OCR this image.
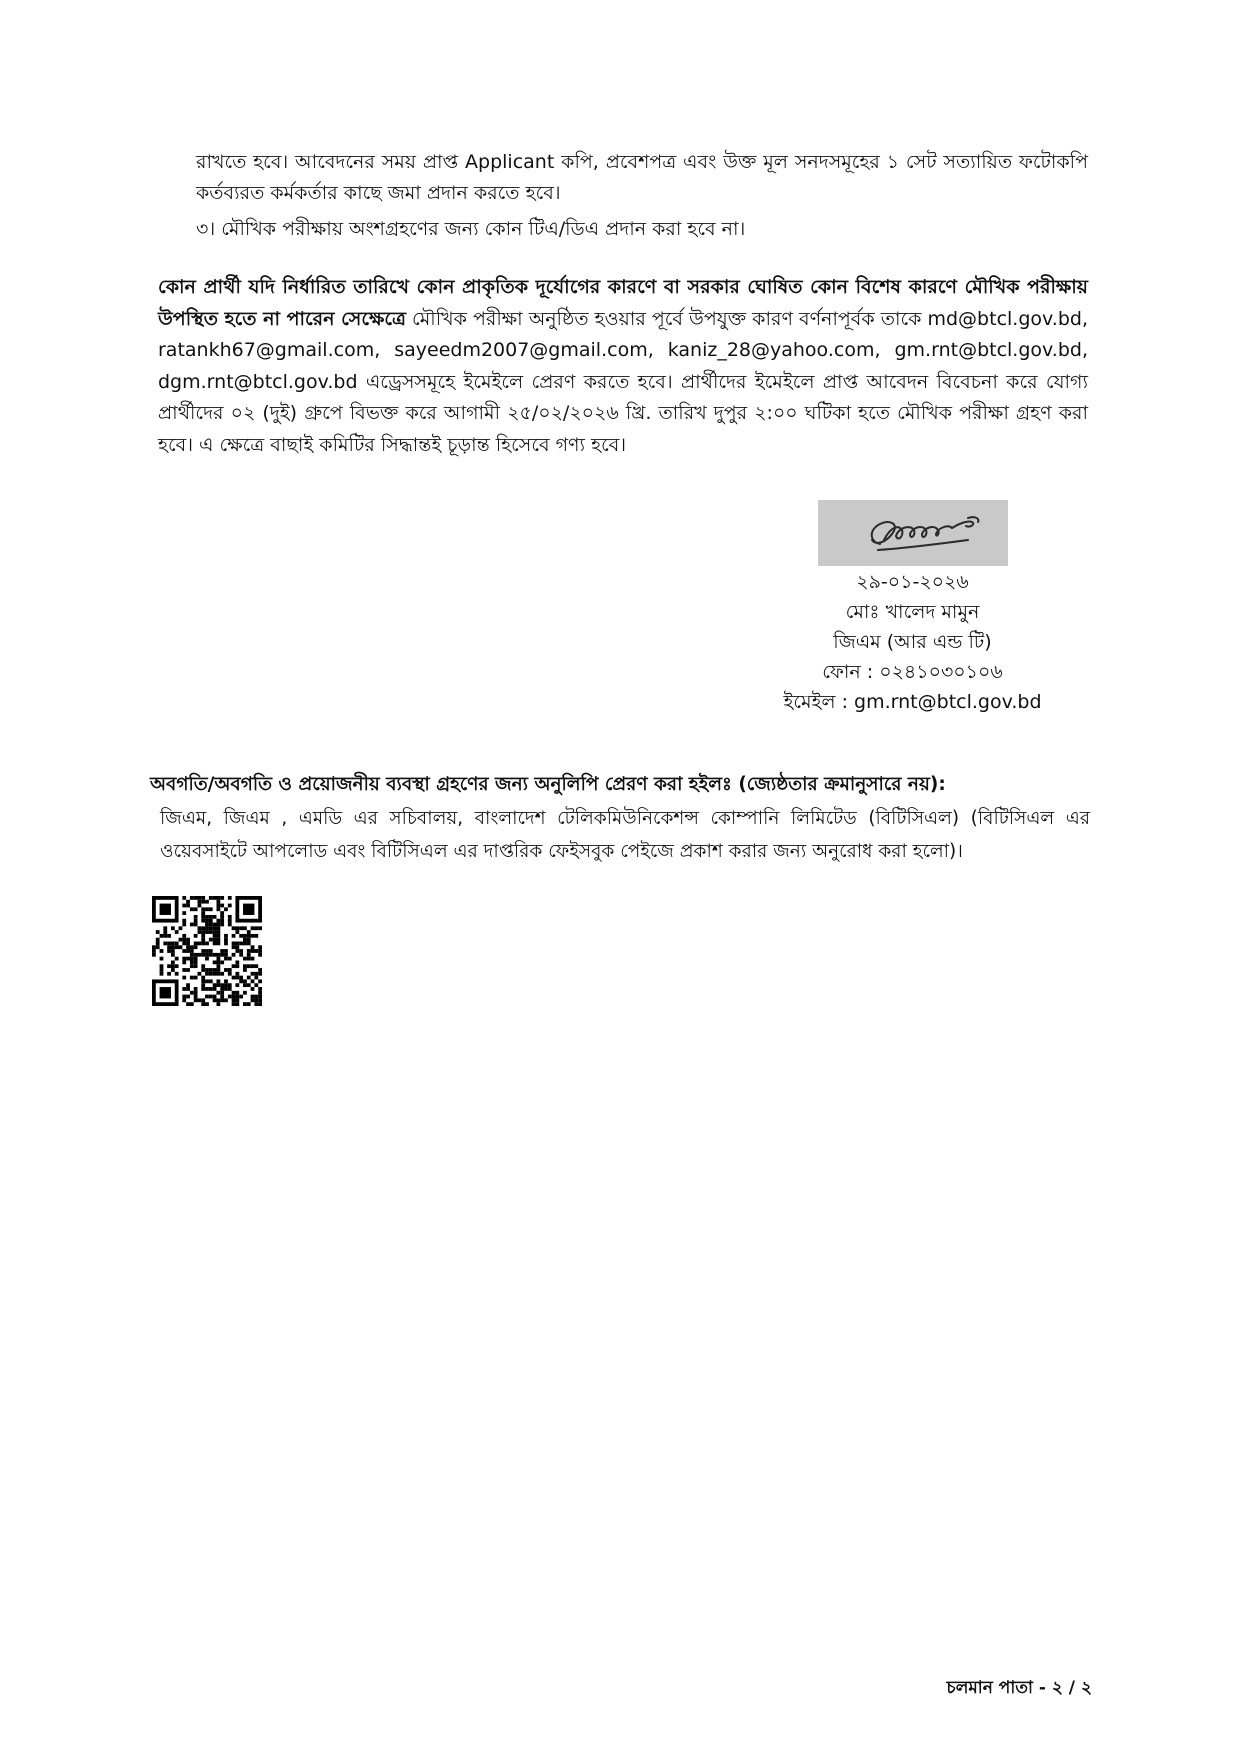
রাখতে হবে। আবেদনের সময় প্রাপ্ত Applicant কপি, প্রবেশপত্র এবং উক্ত মূল সনদসমূহের ১ সেট সত্যায়িত ফটোকপি কর্তব্যরত কর্মকর্তার কাছে জমা প্রদান করতে হবে।

৩। মৌখিক পরীক্ষায় অংশগ্রহণের জন্য কোন টিএ/ডিএ প্রদান করা হবে না।
কোন প্রার্থী যদি নির্ধারিত তারিখে কোন প্রাকৃতিক দূর্যোগের কারণে বা সরকার ঘোষিত কোন বিশেষ কারণে মৌখিক পরীক্ষায় উপস্থিত হতে না পারেন সেক্ষেত্রে মৌখিক পরীক্ষা অনুষ্ঠিত হওয়ার পূর্বে উপযুক্ত কারণ বর্ণনাপূর্বক তাকে md@btcl.gov.bd, ratankh67@gmail.com, sayeedm2007@gmail.com, kaniz_28@yahoo.com, gm.rnt@btcl.gov.bd, dgm.rnt@btcl.gov.bd এড্রেসসমূহে ইমেইলে প্রেরণ করতে হবে। প্রার্থীদের ইমেইলে প্রাপ্ত আবেদন বিবেচনা করে যোগ্য প্রার্থীদের ০২ (দুই) গ্রুপে বিভক্ত করে আগামী ২৫/০২/২০২৬ খ্রি. তারিখ দুপুর ২:০০ ঘটিকা হতে মৌখিক পরীক্ষা গ্রহণ করা হবে। এ ক্ষেত্রে বাছাই কমিটির সিদ্ধান্তই চূড়ান্ত হিসেবে গণ্য হবে।
২৯-০১-২০২৬
মোঃ খালেদ মামুন
জিএম (আর এন্ড টি)
ফোন : ০২৪১০৩০১০৬
ইমেইল : gm.rnt@btcl.gov.bd
অবগতি/অবগতি ও প্রয়োজনীয় ব্যবস্থা গ্রহণের জন্য অনুলিপি প্রেরণ করা হইলঃ (জ্যেষ্ঠতার ক্রমানুসারে নয়):
জিএম, জিএম , এমডি এর সচিবালয়, বাংলাদেশ টেলিকমিউনিকেশন্স কোম্পানি লিমিটেড (বিটিসিএল) (বিটিসিএল এর ওয়েবসাইটে আপলোড এবং বিটিসিএল এর দাপ্তরিক ফেইসবুক পেইজে প্রকাশ করার জন্য অনুরোধ করা হলো)।
চলমান পাতা - ২ / ২
